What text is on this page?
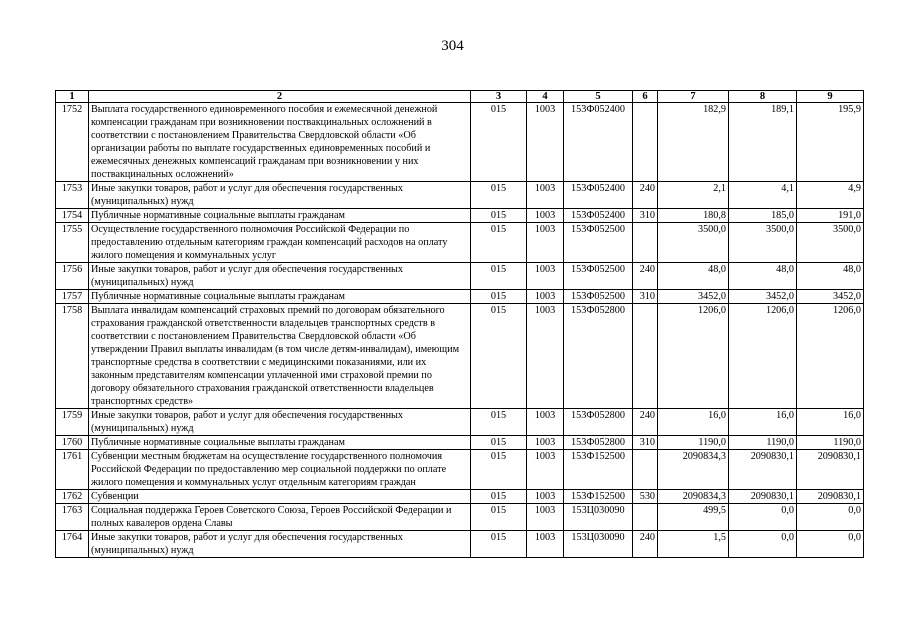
304
1	2	3	4	5	6	7	8	9
1752	Выплата государственного единовременного пособия и ежемесячной денежной компенсации гражданам при возникновении поствакцинальных осложнений в соответствии с постановлением Правительства Свердловской области «Об организации работы по выплате государственных единовременных пособий и ежемесячных денежных компенсаций гражданам при возникновении у них поствакцинальных осложнений»	015	1003	153Ф052400		182,9	189,1	195,9
1753	Иные закупки товаров, работ и услуг для обеспечения государственных (муниципальных) нужд	015	1003	153Ф052400	240	2,1	4,1	4,9
1754	Публичные нормативные социальные выплаты гражданам	015	1003	153Ф052400	310	180,8	185,0	191,0
1755	Осуществление государственного полномочия Российской Федерации по предоставлению отдельным категориям граждан компенсаций расходов на оплату жилого помещения и коммунальных услуг	015	1003	153Ф052500		3500,0	3500,0	3500,0
1756	Иные закупки товаров, работ и услуг для обеспечения государственных (муниципальных) нужд	015	1003	153Ф052500	240	48,0	48,0	48,0
1757	Публичные нормативные социальные выплаты гражданам	015	1003	153Ф052500	310	3452,0	3452,0	3452,0
1758	Выплата инвалидам компенсаций страховых премий по договорам обязательного страхования гражданской ответственности владельцев транспортных средств в соответствии с постановлением Правительства Свердловской области «Об утверждении Правил выплаты инвалидам (в том числе детям-инвалидам), имеющим транспортные средства в соответствии с медицинскими показаниями, или их законным представителям компенсации уплаченной ими страховой премии по договору обязательного страхования гражданской ответственности владельцев транспортных средств»	015	1003	153Ф052800		1206,0	1206,0	1206,0
1759	Иные закупки товаров, работ и услуг для обеспечения государственных (муниципальных) нужд	015	1003	153Ф052800	240	16,0	16,0	16,0
1760	Публичные нормативные социальные выплаты гражданам	015	1003	153Ф052800	310	1190,0	1190,0	1190,0
1761	Субвенции местным бюджетам на осуществление государственного полномочия Российской Федерации по предоставлению мер социальной поддержки по оплате жилого помещения и коммунальных услуг отдельным категориям граждан	015	1003	153Ф152500		2090834,3	2090830,1	2090830,1
1762	Субвенции	015	1003	153Ф152500	530	2090834,3	2090830,1	2090830,1
1763	Социальная поддержка Героев Советского Союза, Героев Российской Федерации и полных кавалеров ордена Славы	015	1003	153Ц030090		499,5	0,0	0,0
1764	Иные закупки товаров, работ и услуг для обеспечения государственных (муниципальных) нужд	015	1003	153Ц030090	240	1,5	0,0	0,0
